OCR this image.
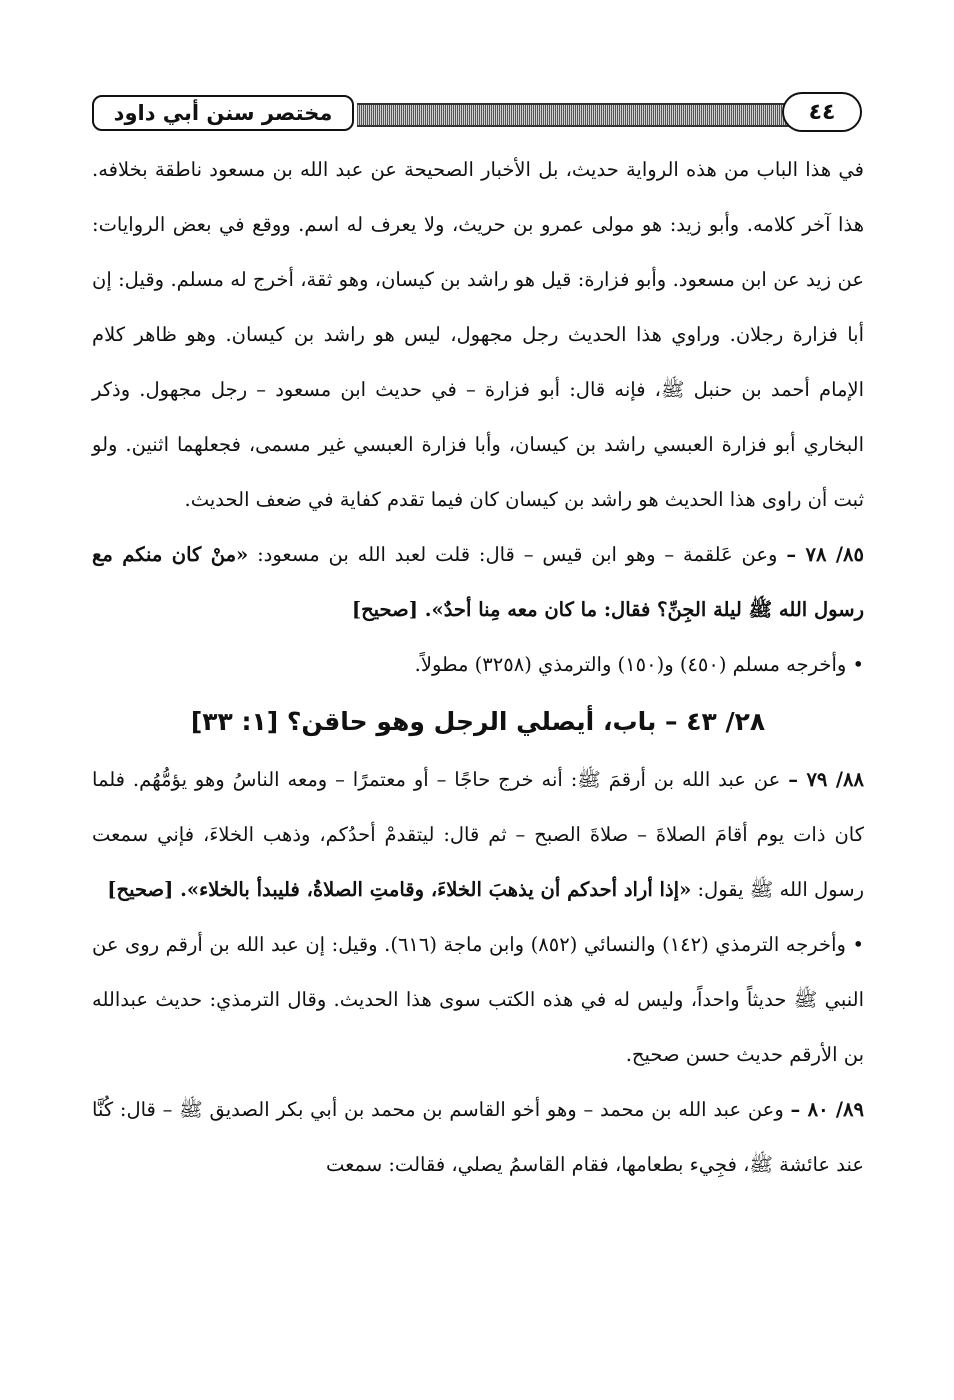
مختصر سنن أبي داود	٤٤

في هذا الباب من هذه الرواية حديث، بل الأخبار الصحيحة عن عبد الله بن مسعود ناطقة بخلافه. هذا آخر كلامه. وأبو زيد: هو مولى عمرو بن حريث، ولا يعرف له اسم. ووقع في بعض الروايات: عن زيد عن ابن مسعود. وأبو فزارة: قيل هو راشد بن كيسان، وهو ثقة، أخرج له مسلم. وقيل: إن أبا فزارة رجلان. وراوي هذا الحديث رجل مجهول، ليس هو راشد بن كيسان. وهو ظاهر كلام الإمام أحمد بن حنبل ﷺ، فإنه قال: أبو فزارة – في حديث ابن مسعود – رجل مجهول. وذكر البخاري أبو فزارة العبسي راشد بن كيسان، وأبا فزارة العبسي غير مسمى، فجعلهما اثنين. ولو ثبت أن راوى هذا الحديث هو راشد بن كيسان كان فيما تقدم كفاية في ضعف الحديث.

٨٥/ ٧٨ – وعن عَلقمة – وهو ابن قيس – قال: قلت لعبد الله بن مسعود: «منْ كان منكم مع رسول الله ﷺ ليلة الجِنِّ؟ فقال: ما كان معه مِنا أحدٌ». [صحيح]

• وأخرجه مسلم (٤٥٠) و(١٥٠) والترمذي (٣٢٥٨) مطولاً.

٢٨/ ٤٣ – باب، أيصلي الرجل وهو حاقن؟ [١: ٣٣]

٨٨/ ٧٩ – عن عبد الله بن أرقمَ ﷺ: أنه خرج حاجًا – أو معتمرًا – ومعه الناسُ وهو يؤمُّهُم. فلما كان ذات يوم أقامَ الصلاةَ – صلاةَ الصبح – ثم قال: ليتقدمْ أحدُكم، وذهب الخلاءَ، فإني سمعت رسول الله ﷺ يقول: «إذا أراد أحدكم أن يذهبَ الخلاءَ، وقامتِ الصلاةُ، فليبدأ بالخلاء». [صحيح]

• وأخرجه الترمذي (١٤٢) والنسائي (٨٥٢) وابن ماجة (٦١٦). وقيل: إن عبد الله بن أرقم روى عن النبي ﷺ حديثاً واحداً، وليس له في هذه الكتب سوى هذا الحديث. وقال الترمذي: حديث عبدالله بن الأرقم حديث حسن صحيح.

٨٩/ ٨٠ – وعن عبد الله بن محمد – وهو أخو القاسم بن محمد بن أبي بكر الصديق ﷺ – قال: كُنَّا عند عائشة ﷺ، فجِيء بطعامها، فقام القاسمُ يصلي، فقالت: سمعت
